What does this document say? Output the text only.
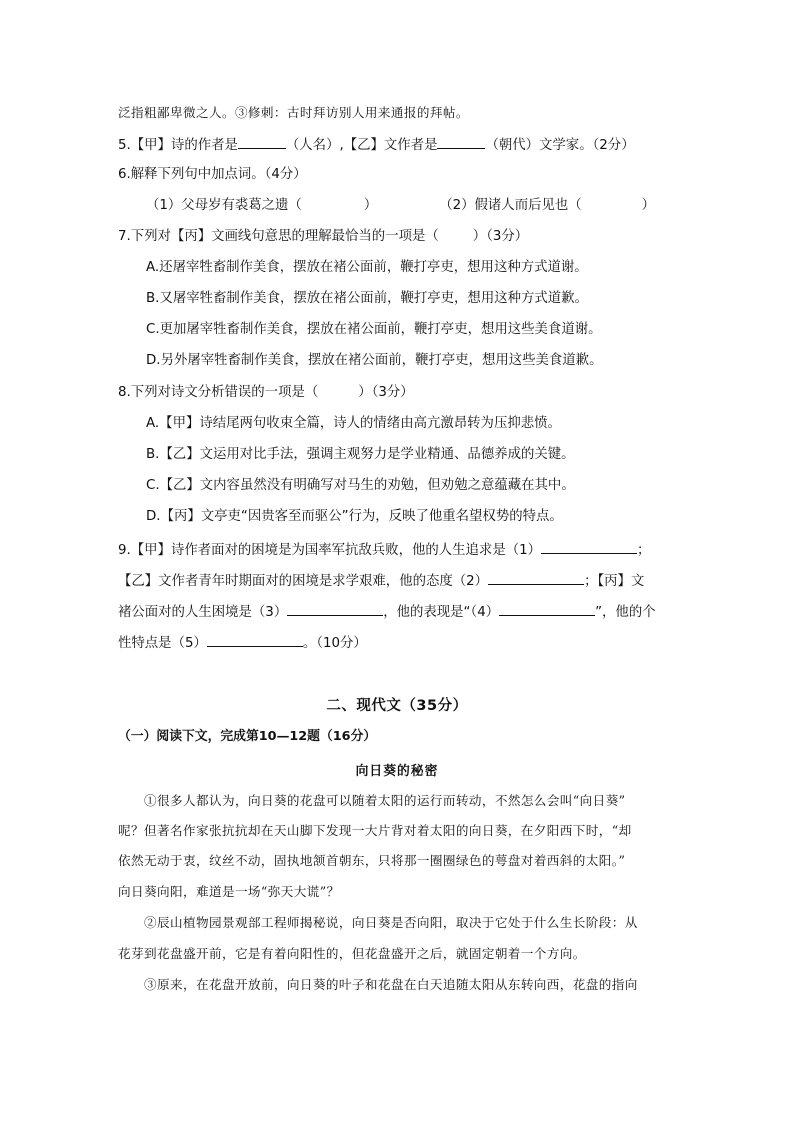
泛指粗鄙卑微之人。③修刺：古时拜访别人用来通报的拜帖。
5.【甲】诗的作者是	（人名）,【乙】文作者是	（朝代）文学家。（2分）
6.解释下列句中加点词。（4分）
（1）父母岁有裘葛之遗（	）	（2）假诸人而后见也（	）
7.下列对【丙】文画线句意思的理解最恰当的一项是（	）（3分）
A.还屠宰牲畜制作美食，摆放在褚公面前，鞭打亭吏，想用这种方式道谢。
B.又屠宰牲畜制作美食，摆放在褚公面前，鞭打亭吏，想用这种方式道歉。
C.更加屠宰牲畜制作美食，摆放在褚公面前，鞭打亭吏，想用这些美食道谢。
D.另外屠宰牲畜制作美食，摆放在褚公面前，鞭打亭吏，想用这些美食道歉。
8.下列对诗文分析错误的一项是（	）（3分）
A.【甲】诗结尾两句收束全篇，诗人的情绪由高亢激昂转为压抑悲愤。
B.【乙】文运用对比手法，强调主观努力是学业精通、品德养成的关键。
C.【乙】文内容虽然没有明确写对马生的劝勉，但劝勉之意蕴藏在其中。
D.【丙】文亭吏“因贵客至而驱公”行为，反映了他重名望权势的特点。
9.【甲】诗作者面对的困境是为国率军抗敌兵败，他的人生追求是（1）	；
【乙】文作者青年时期面对的困境是求学艰难，他的态度（2）	；【丙】文
褚公面对的人生困境是（3）	，他的表现是“（4）	”，他的个
性特点是（5）	。（10分）
二、现代文（35分）
（一）阅读下文，完成第10—12题（16分）
向日葵的秘密
①很多人都认为，向日葵的花盘可以随着太阳的运行而转动，不然怎么会叫“向日葵”
呢？但著名作家张抗抗却在天山脚下发现一大片背对着太阳的向日葵，在夕阳西下时，“却
依然无动于衷，纹丝不动，固执地颔首朝东，只将那一圈圈绿色的萼盘对着西斜的太阳。”
向日葵向阳，难道是一场“弥天大谎”？
②辰山植物园景观部工程师揭秘说，向日葵是否向阳，取决于它处于什么生长阶段：从
花芽到花盘盛开前，它是有着向阳性的，但花盘盛开之后，就固定朝着一个方向。
③原来，在花盘开放前，向日葵的叶子和花盘在白天追随太阳从东转向西，花盘的指向
